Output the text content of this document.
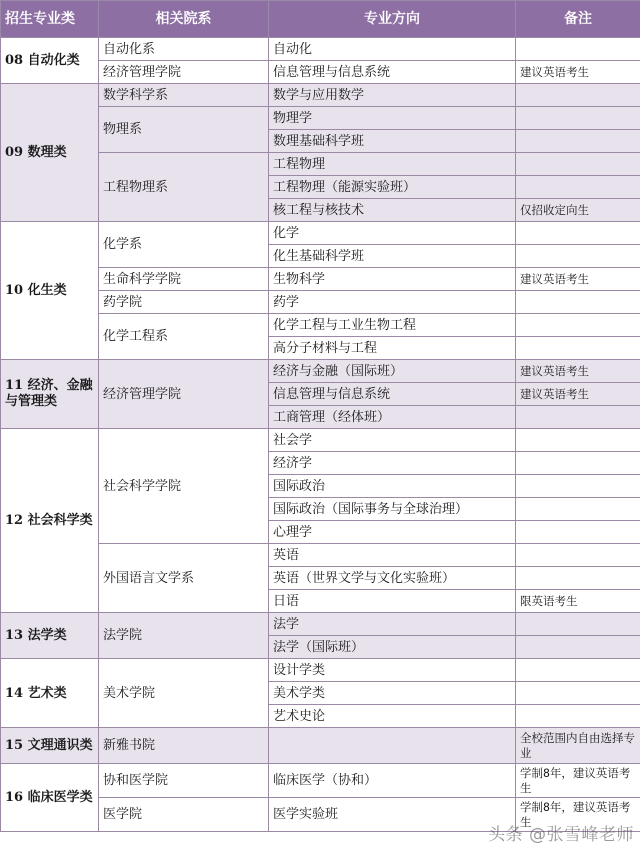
招生专业类	相关院系	专业方向	备注
08 自动化类	自动化系	自动化	
	经济管理学院	信息管理与信息系统	建议英语考生
09 数理类	数学科学系	数学与应用数学	
	物理系	物理学	
		数理基础科学班	
	工程物理系	工程物理	
		工程物理（能源实验班）	
		核工程与核技术	仅招收定向生
10 化生类	化学系	化学	
		化生基础科学班	
	生命科学学院	生物科学	建议英语考生
	药学院	药学	
	化学工程系	化学工程与工业生物工程	
		高分子材料与工程	
11 经济、金融与管理类	经济管理学院	经济与金融（国际班）	建议英语考生
		信息管理与信息系统	建议英语考生
		工商管理（经体班）	
12 社会科学类	社会科学学院	社会学	
		经济学	
		国际政治	
		国际政治（国际事务与全球治理）	
		心理学	
	外国语言文学系	英语	
		英语（世界文学与文化实验班）	
		日语	限英语考生
13 法学类	法学院	法学	
		法学（国际班）	
14 艺术类	美术学院	设计学类	
		美术学类	
		艺术史论	
15 文理通识类	新雅书院		全校范围内自由选择专业
16 临床医学类	协和医学院	临床医学（协和）	学制8年，建议英语考生
	医学院	医学实验班	学制8年，建议英语考生
头条 @张雪峰老师
